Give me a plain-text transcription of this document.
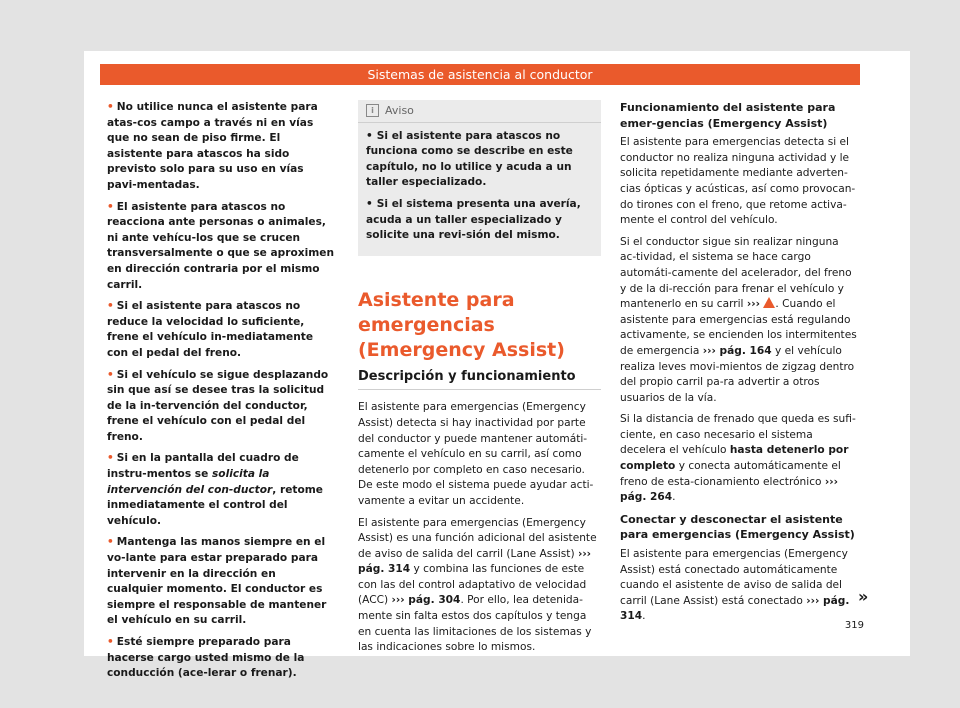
Sistemas de asistencia al conductor

• No utilice nunca el asistente para atas-cos campo a través ni en vías que no sean de piso firme. El asistente para atascos ha sido previsto solo para su uso en vías pavi-mentadas.

• El asistente para atascos no reacciona ante personas o animales, ni ante vehícu-los que se crucen transversalmente o que se aproximen en dirección contraria por el mismo carril.

• Si el asistente para atascos no reduce la velocidad lo suficiente, frene el vehículo in-mediatamente con el pedal del freno.

• Si el vehículo se sigue desplazando sin que así se desee tras la solicitud de la in-tervención del conductor, frene el vehículo con el pedal del freno.

• Si en la pantalla del cuadro de instru-mentos se solicita la intervención del con-ductor, retome inmediatamente el control del vehículo.

• Mantenga las manos siempre en el vo-lante para estar preparado para intervenir en la dirección en cualquier momento. El conductor es siempre el responsable de mantener el vehículo en su carril.

• Esté siempre preparado para hacerse cargo usted mismo de la conducción (ace-lerar o frenar).

i	Aviso

• Si el asistente para atascos no funciona como se describe en este capítulo, no lo utilice y acuda a un taller especializado.

• Si el sistema presenta una avería, acuda a un taller especializado y solicite una revi-sión del mismo.

Asistente para emergencias (Emergency Assist)
Descripción y funcionamiento

El asistente para emergencias (Emergency Assist) detecta si hay inactividad por parte del conductor y puede mantener automáti-camente el vehículo en su carril, así como detenerlo por completo en caso necesario. De este modo el sistema puede ayudar acti-vamente a evitar un accidente.

El asistente para emergencias (Emergency Assist) es una función adicional del asistente de aviso de salida del carril (Lane Assist) ››› pág. 314 y combina las funciones de este con las del control adaptativo de velocidad (ACC) ››› pág. 304. Por ello, lea detenida-mente sin falta estos dos capítulos y tenga en cuenta las limitaciones de los sistemas y las indicaciones sobre lo mismos.

Funcionamiento del asistente para emer-gencias (Emergency Assist)

El asistente para emergencias detecta si el conductor no realiza ninguna actividad y le solicita repetidamente mediante adverten-cias ópticas y acústicas, así como provocan-do tirones con el freno, que retome activa-mente el control del vehículo.

Si el conductor sigue sin realizar ninguna ac-tividad, el sistema se hace cargo automáti-camente del acelerador, del freno y de la di-rección para frenar el vehículo y mantenerlo en su carril ››› . Cuando el asistente para emergencias está regulando activamente, se encienden los intermitentes de emergencia ››› pág. 164 y el vehículo realiza leves movi-mientos de zigzag dentro del propio carril pa-ra advertir a otros usuarios de la vía.

Si la distancia de frenado que queda es sufi-ciente, en caso necesario el sistema decelera el vehículo hasta detenerlo por completo y conecta automáticamente el freno de esta-cionamiento electrónico ››› pág. 264.

Conectar y desconectar el asistente para emergencias (Emergency Assist)

El asistente para emergencias (Emergency Assist) está conectado automáticamente cuando el asistente de aviso de salida del carril (Lane Assist) está conectado ››› pág. 314.

»
319
